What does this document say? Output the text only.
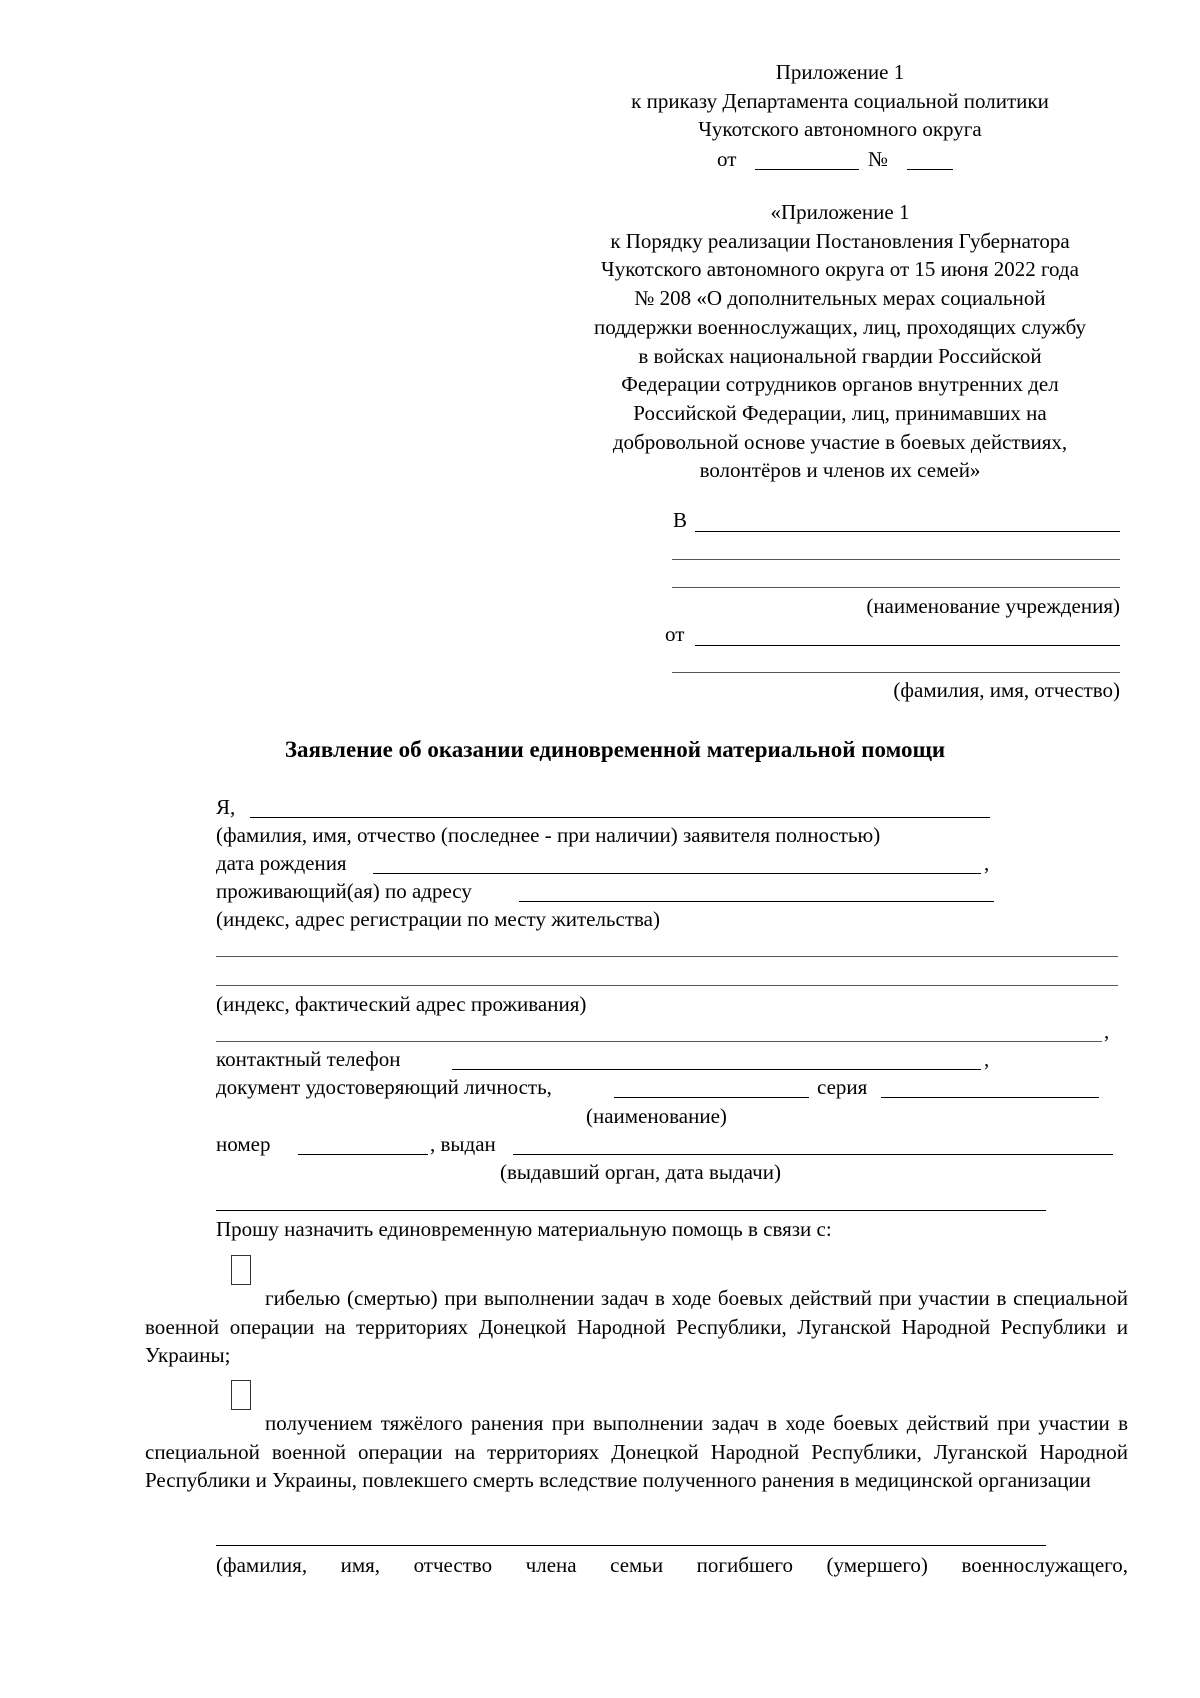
Приложение 1
к приказу Департамента социальной политики
Чукотского автономного округа
от	№
«Приложение 1
к Порядку реализации Постановления Губернатора
Чукотского автономного округа от 15 июня 2022 года
№ 208 «О дополнительных мерах социальной
поддержки военнослужащих, лиц, проходящих службу
в войсках национальной гвардии Российской
Федерации сотрудников органов внутренних дел
Российской Федерации, лиц, принимавших на
добровольной основе участие в боевых действиях,
волонтёров и членов их семей»
В
(наименование учреждения)
от
(фамилия, имя, отчество)
Заявление об оказании единовременной материальной помощи
Я,
(фамилия, имя, отчество (последнее - при наличии) заявителя полностью)
дата рождения	,
проживающий(ая) по адресу
(индекс, адрес регистрации по месту жительства)
(индекс, фактический адрес проживания)
,
контактный телефон	,
документ удостоверяющий личность,	серия
(наименование)
номер	, выдан
(выдавший орган, дата выдачи)
Прошу назначить единовременную материальную помощь в связи с:
гибелью (смертью) при выполнении задач в ходе боевых действий при участии в специальной военной операции на территориях Донецкой Народной Республики, Луганской Народной Республики и Украины;
получением тяжёлого ранения при выполнении задач в ходе боевых действий при участии в специальной военной операции на территориях Донецкой Народной Республики, Луганской Народной Республики и Украины, повлекшего смерть вследствие полученного ранения в медицинской организации
(фамилия, имя, отчество члена семьи погибшего (умершего) военнослужащего,
